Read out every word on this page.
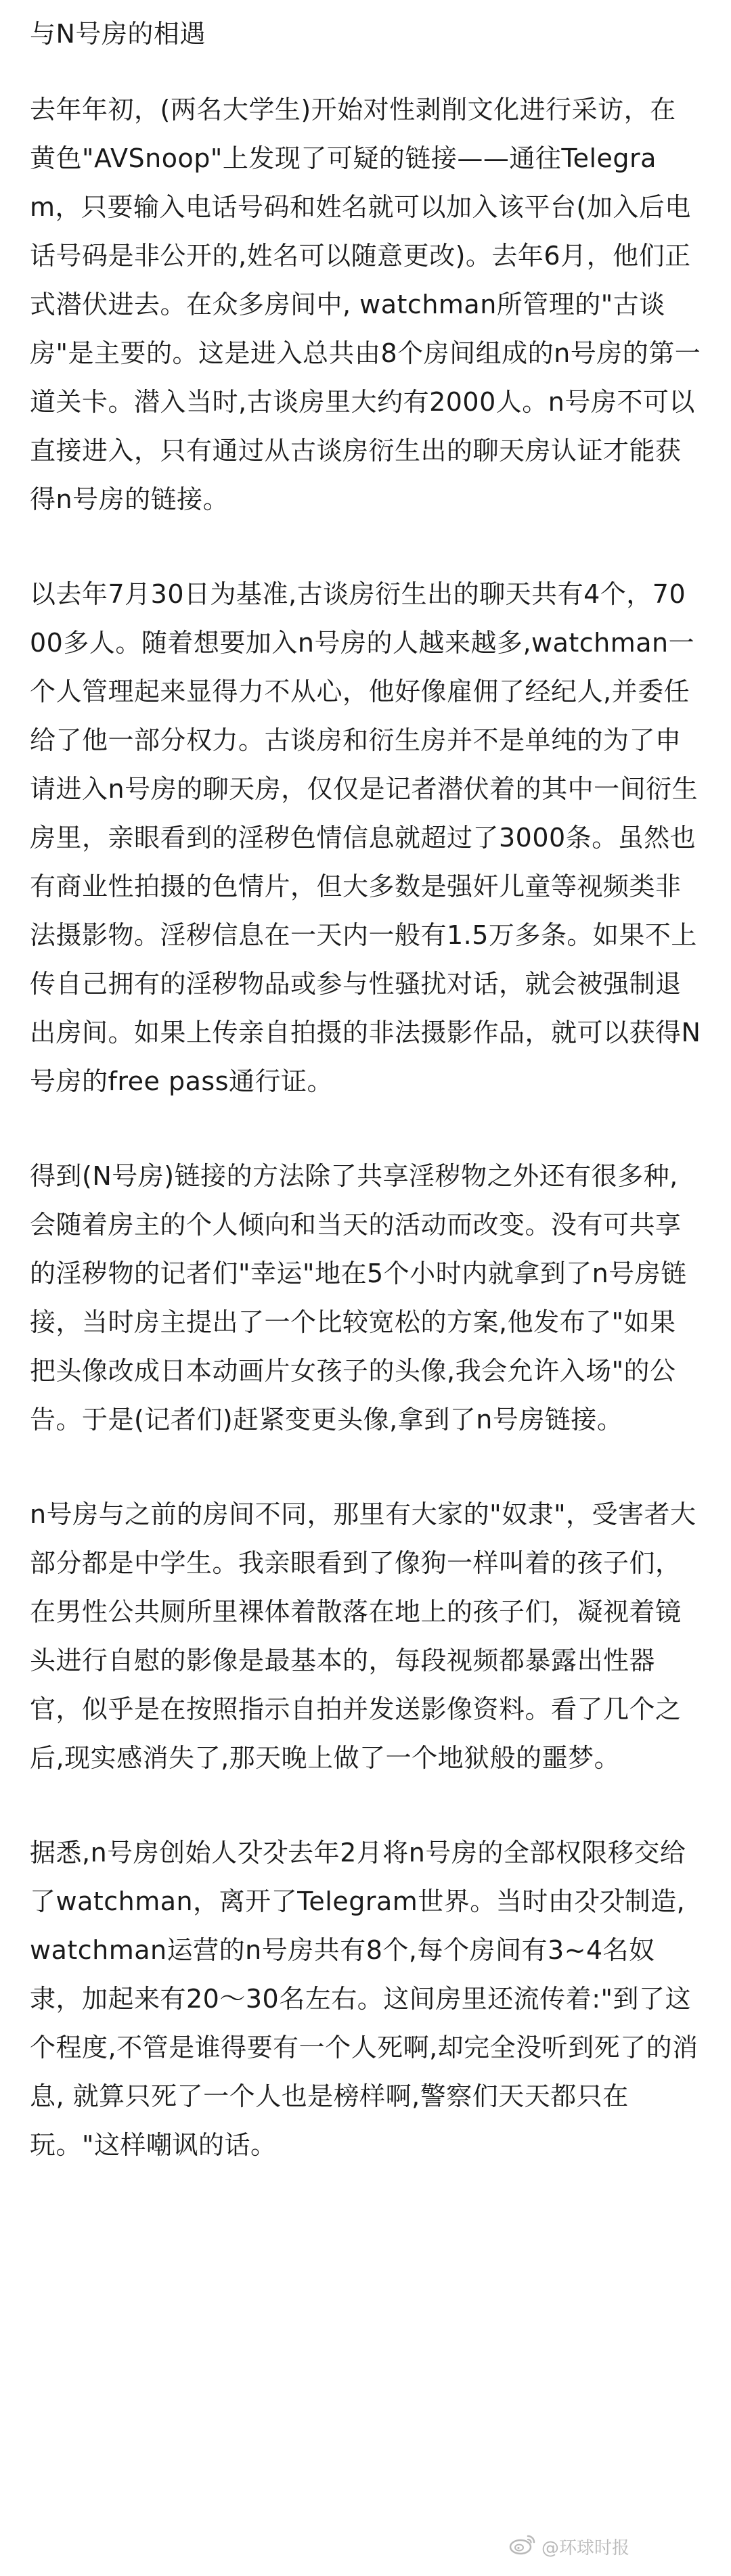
与N号房的相遇
去年年初，(两名大学生)开始对性剥削文化进行采访，在黄色"AVSnoop"上发现了可疑的链接——通往Telegram，只要输入电话号码和姓名就可以加入该平台(加入后电话号码是非公开的,姓名可以随意更改)。去年6月，他们正式潜伏进去。在众多房间中, watchman所管理的"古谈房"是主要的。这是进入总共由8个房间组成的n号房的第一道关卡。潜入当时,古谈房里大约有2000人。n号房不可以直接进入，只有通过从古谈房衍生出的聊天房认证才能获得n号房的链接。
以去年7月30日为基准,古谈房衍生出的聊天共有4个，7000多人。随着想要加入n号房的人越来越多,watchman一个人管理起来显得力不从心，他好像雇佣了经纪人,并委任给了他一部分权力。古谈房和衍生房并不是单纯的为了申请进入n号房的聊天房，仅仅是记者潜伏着的其中一间衍生房里，亲眼看到的淫秽色情信息就超过了3000条。虽然也有商业性拍摄的色情片，但大多数是强奸儿童等视频类非法摄影物。淫秽信息在一天内一般有1.5万多条。如果不上传自己拥有的淫秽物品或参与性骚扰对话，就会被强制退出房间。如果上传亲自拍摄的非法摄影作品，就可以获得N号房的free pass通行证。
得到(N号房)链接的方法除了共享淫秽物之外还有很多种,会随着房主的个人倾向和当天的活动而改变。没有可共享的淫秽物的记者们"幸运"地在5个小时内就拿到了n号房链接，当时房主提出了一个比较宽松的方案,他发布了"如果把头像改成日本动画片女孩子的头像,我会允许入场"的公告。于是(记者们)赶紧变更头像,拿到了n号房链接。
n号房与之前的房间不同，那里有大家的"奴隶"，受害者大部分都是中学生。我亲眼看到了像狗一样叫着的孩子们，在男性公共厕所里裸体着散落在地上的孩子们，凝视着镜头进行自慰的影像是最基本的，每段视频都暴露出性器官，似乎是在按照指示自拍并发送影像资料。看了几个之后,现实感消失了,那天晚上做了一个地狱般的噩梦。
据悉,n号房创始人갓갓去年2月将n号房的全部权限移交给了watchman，离开了Telegram世界。当时由갓갓制造, watchman运营的n号房共有8个,每个房间有3~4名奴隶，加起来有20～30名左右。这间房里还流传着:"到了这个程度,不管是谁得要有一个人死啊,却完全没听到死了的消息, 就算只死了一个人也是榜样啊,警察们天天都只在玩。"这样嘲讽的话。
@环球时报
